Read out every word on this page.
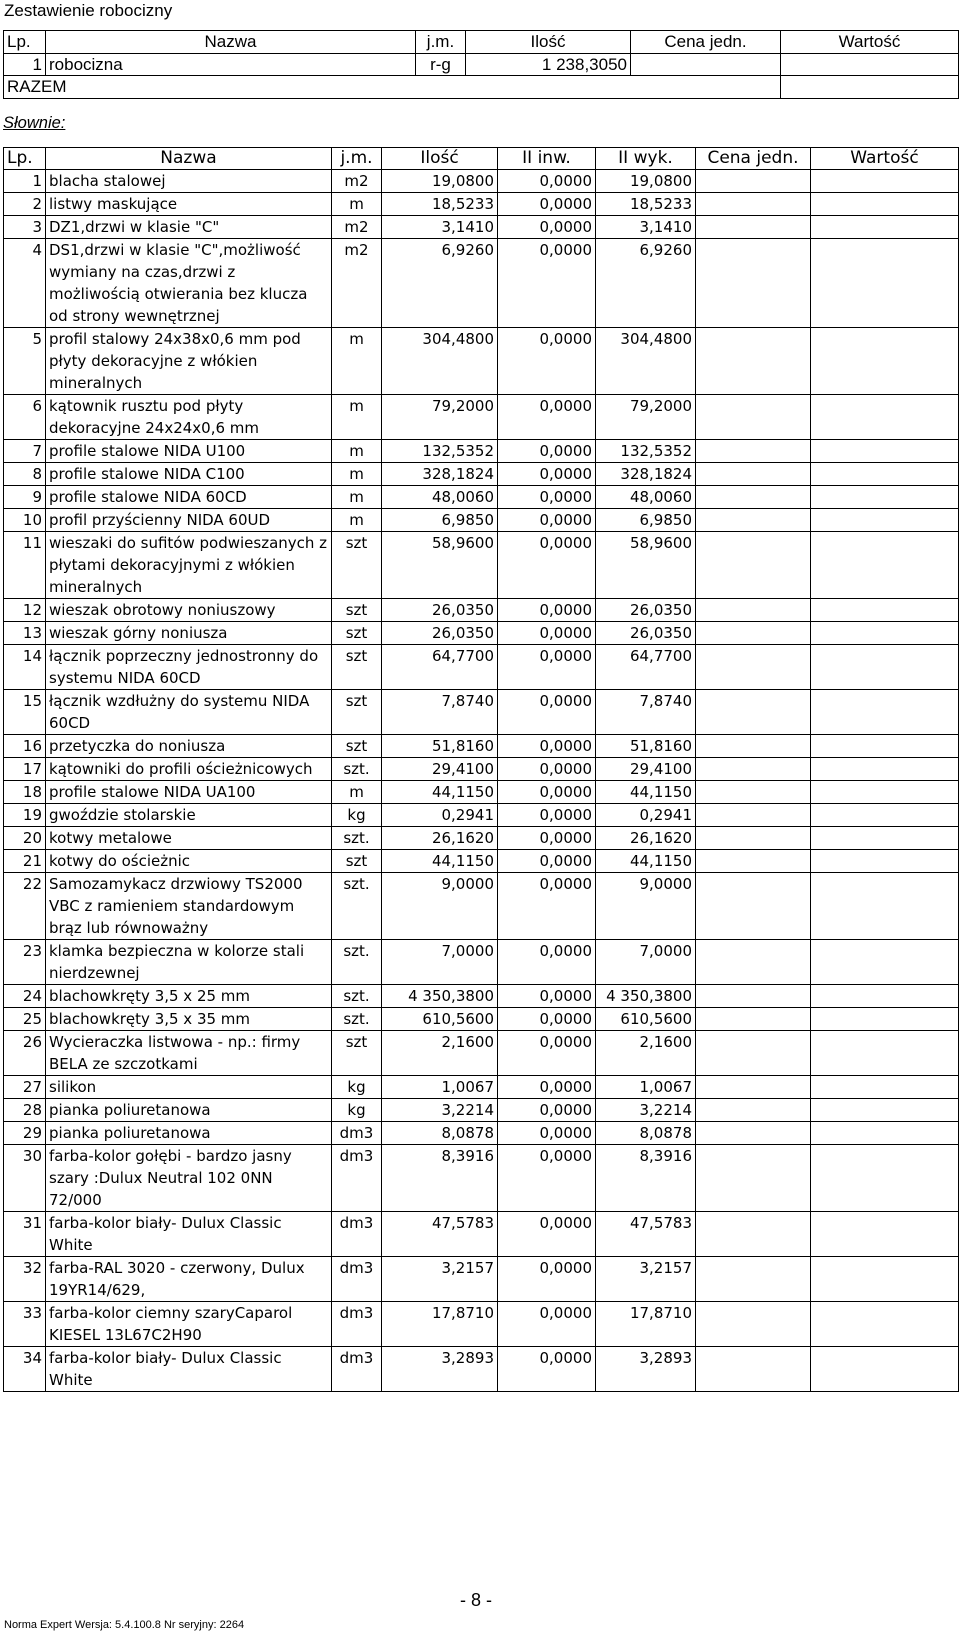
Zestawienie robocizny
Lp.	Nazwa	j.m.	Ilość	Cena jedn.	Wartość
1	robocizna	r-g	1 238,3050		
RAZEM					
Słownie:
Lp.	Nazwa	j.m.	Ilość	II inw.	II wyk.	Cena jedn.	Wartość
1	blacha stalowej	m2	19,0800	0,0000	19,0800		
2	listwy maskujące	m	18,5233	0,0000	18,5233		
3	DZ1,drzwi w klasie "C"	m2	3,1410	0,0000	3,1410		
4	DS1,drzwi w klasie "C",możliwość wymiany na czas,drzwi z możliwością otwierania bez klucza od strony wewnętrznej	m2	6,9260	0,0000	6,9260		
5	profil stalowy 24x38x0,6 mm pod płyty dekoracyjne z włókien mineralnych	m	304,4800	0,0000	304,4800		
6	kątownik rusztu pod płyty dekoracyjne 24x24x0,6 mm	m	79,2000	0,0000	79,2000		
7	profile stalowe NIDA U100	m	132,5352	0,0000	132,5352		
8	profile stalowe NIDA C100	m	328,1824	0,0000	328,1824		
9	profile stalowe NIDA 60CD	m	48,0060	0,0000	48,0060		
10	profil przyścienny NIDA 60UD	m	6,9850	0,0000	6,9850		
11	wieszaki do sufitów podwieszanych z płytami dekoracyjnymi z włókien mineralnych	szt	58,9600	0,0000	58,9600		
12	wieszak obrotowy noniuszowy	szt	26,0350	0,0000	26,0350		
13	wieszak górny noniusza	szt	26,0350	0,0000	26,0350		
14	łącznik poprzeczny jednostronny do systemu NIDA 60CD	szt	64,7700	0,0000	64,7700		
15	łącznik wzdłużny do systemu NIDA 60CD	szt	7,8740	0,0000	7,8740		
16	przetyczka do noniusza	szt	51,8160	0,0000	51,8160		
17	kątowniki do profili ościeżnicowych	szt.	29,4100	0,0000	29,4100		
18	profile stalowe NIDA UA100	m	44,1150	0,0000	44,1150		
19	gwoździe stolarskie	kg	0,2941	0,0000	0,2941		
20	kotwy metalowe	szt.	26,1620	0,0000	26,1620		
21	kotwy do ościeżnic	szt	44,1150	0,0000	44,1150		
22	Samozamykacz drzwiowy TS2000 VBC z ramieniem standardowym brąz lub równoważny	szt.	9,0000	0,0000	9,0000		
23	klamka bezpieczna w kolorze stali nierdzewnej	szt.	7,0000	0,0000	7,0000		
24	blachowkręty 3,5 x 25 mm	szt.	4 350,3800	0,0000	4 350,3800		
25	blachowkręty 3,5 x 35 mm	szt.	610,5600	0,0000	610,5600		
26	Wycieraczka listwowa - np.: firmy BELA ze szczotkami	szt	2,1600	0,0000	2,1600		
27	silikon	kg	1,0067	0,0000	1,0067		
28	pianka poliuretanowa	kg	3,2214	0,0000	3,2214		
29	pianka poliuretanowa	dm3	8,0878	0,0000	8,0878		
30	farba-kolor gołębi - bardzo jasny szary :Dulux Neutral 102 0NN 72/000	dm3	8,3916	0,0000	8,3916		
31	farba-kolor biały- Dulux Classic White	dm3	47,5783	0,0000	47,5783		
32	farba-RAL 3020 - czerwony, Dulux 19YR14/629,	dm3	3,2157	0,0000	3,2157		
33	farba-kolor ciemny szaryCaparol KIESEL 13L67C2H90	dm3	17,8710	0,0000	17,8710		
34	farba-kolor biały- Dulux Classic White	dm3	3,2893	0,0000	3,2893		
- 8 -
Norma Expert Wersja: 5.4.100.8 Nr seryjny: 2264
